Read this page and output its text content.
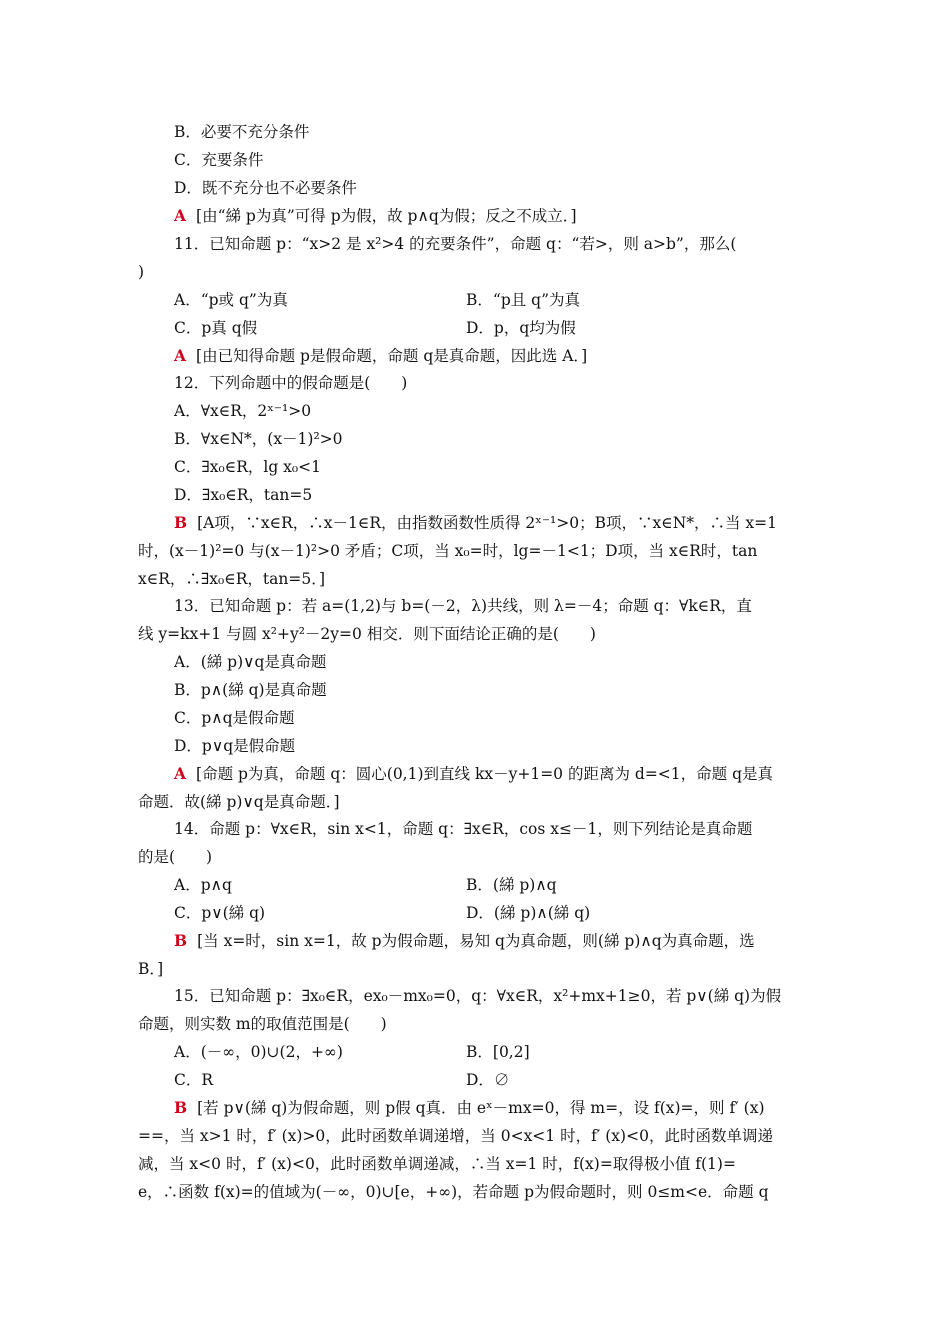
B．必要不充分条件
C．充要条件
D．既不充分也不必要条件
A [由“綈 p为真”可得 p为假，故 p∧q为假；反之不成立．]
11．已知命题 p：“x>2 是 x²>4 的充要条件”，命题 q：“若>，则 a>b”，那么(
)
A．“p或 q”为真	B．“p且 q”为真
C．p真 q假	D．p，q均为假
A [由已知得命题 p是假命题，命题 q是真命题，因此选 A．]
12．下列命题中的假命题是(　　)
A．∀x∈R，2ˣ⁻¹>0
B．∀x∈N*，(x－1)²>0
C．∃x₀∈R，lg x₀<1
D．∃x₀∈R，tan=5
B [A项，∵x∈R，∴x－1∈R，由指数函数性质得 2ˣ⁻¹>0；B项，∵x∈N*，∴当 x=1
时，(x－1)²=0 与(x－1)²>0 矛盾；C项，当 x₀=时，lg=－1<1；D项，当 x∈R时，tan
x∈R，∴∃x₀∈R，tan=5．]
13．已知命题 p：若 a=(1,2)与 b=(－2，λ)共线，则 λ=－4；命题 q：∀k∈R，直
线 y=kx+1 与圆 x²+y²－2y=0 相交．则下面结论正确的是(　　)
A．(綈 p)∨q是真命题
B．p∧(綈 q)是真命题
C．p∧q是假命题
D．p∨q是假命题
A [命题 p为真，命题 q：圆心(0,1)到直线 kx－y+1=0 的距离为 d=<1，命题 q是真
命题．故(綈 p)∨q是真命题．]
14．命题 p：∀x∈R，sin x<1，命题 q：∃x∈R，cos x≤－1，则下列结论是真命题
的是(　　)
A．p∧q	B．(綈 p)∧q
C．p∨(綈 q)	D．(綈 p)∧(綈 q)
B [当 x=时，sin x=1，故 p为假命题，易知 q为真命题，则(綈 p)∧q为真命题，选
B．]
15．已知命题 p：∃x₀∈R，ex₀－mx₀=0，q：∀x∈R，x²+mx+1≥0，若 p∨(綈 q)为假
命题，则实数 m的取值范围是(　　)
A．(－∞，0)∪(2，+∞)	B．[0,2]
C．R	D．∅
B [若 p∨(綈 q)为假命题，则 p假 q真．由 eˣ－mx=0，得 m=，设 f(x)=，则 f′ (x)
==，当 x>1 时，f′ (x)>0，此时函数单调递增，当 0<x<1 时，f′ (x)<0，此时函数单调递
减，当 x<0 时，f′ (x)<0，此时函数单调递减，∴当 x=1 时，f(x)=取得极小值 f(1)=
e，∴函数 f(x)=的值域为(－∞，0)∪[e，+∞)，若命题 p为假命题时，则 0≤m<e．命题 q
